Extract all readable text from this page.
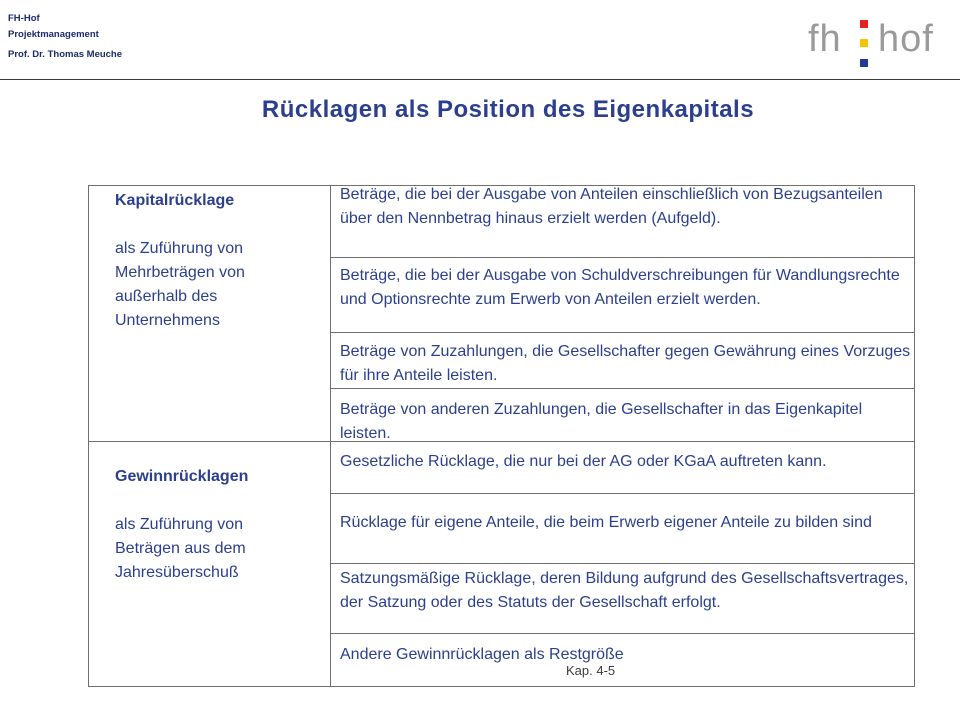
FH-Hof
Projektmanagement
Prof. Dr. Thomas Meuche	fh hof
Rücklagen als Position des Eigenkapitals
Kapitalrücklage
als Zuführung von
Mehrbeträgen von
außerhalb des
Unternehmens
Gewinnrücklagen
als Zuführung von
Beträgen aus dem
Jahresüberschuß
Beträge, die bei der Ausgabe von Anteilen einschließlich von Bezugsanteilen über den Nennbetrag hinaus erzielt werden (Aufgeld).
Beträge, die bei der Ausgabe von Schuldverschreibungen für Wandlungsrechte und Optionsrechte zum Erwerb von Anteilen erzielt werden.
Beträge von Zuzahlungen, die Gesellschafter gegen Gewährung eines Vorzuges für ihre Anteile leisten.
Beträge von anderen Zuzahlungen, die Gesellschafter in das Eigenkapitel leisten.
Gesetzliche Rücklage, die nur bei der AG oder KGaA auftreten kann.
Rücklage für eigene Anteile, die beim Erwerb eigener Anteile zu bilden sind
Satzungsmäßige Rücklage, deren Bildung aufgrund des Gesellschaftsvertrages, der Satzung oder des Statuts der Gesellschaft erfolgt.
Andere Gewinnrücklagen als Restgröße
Kap. 4-5
